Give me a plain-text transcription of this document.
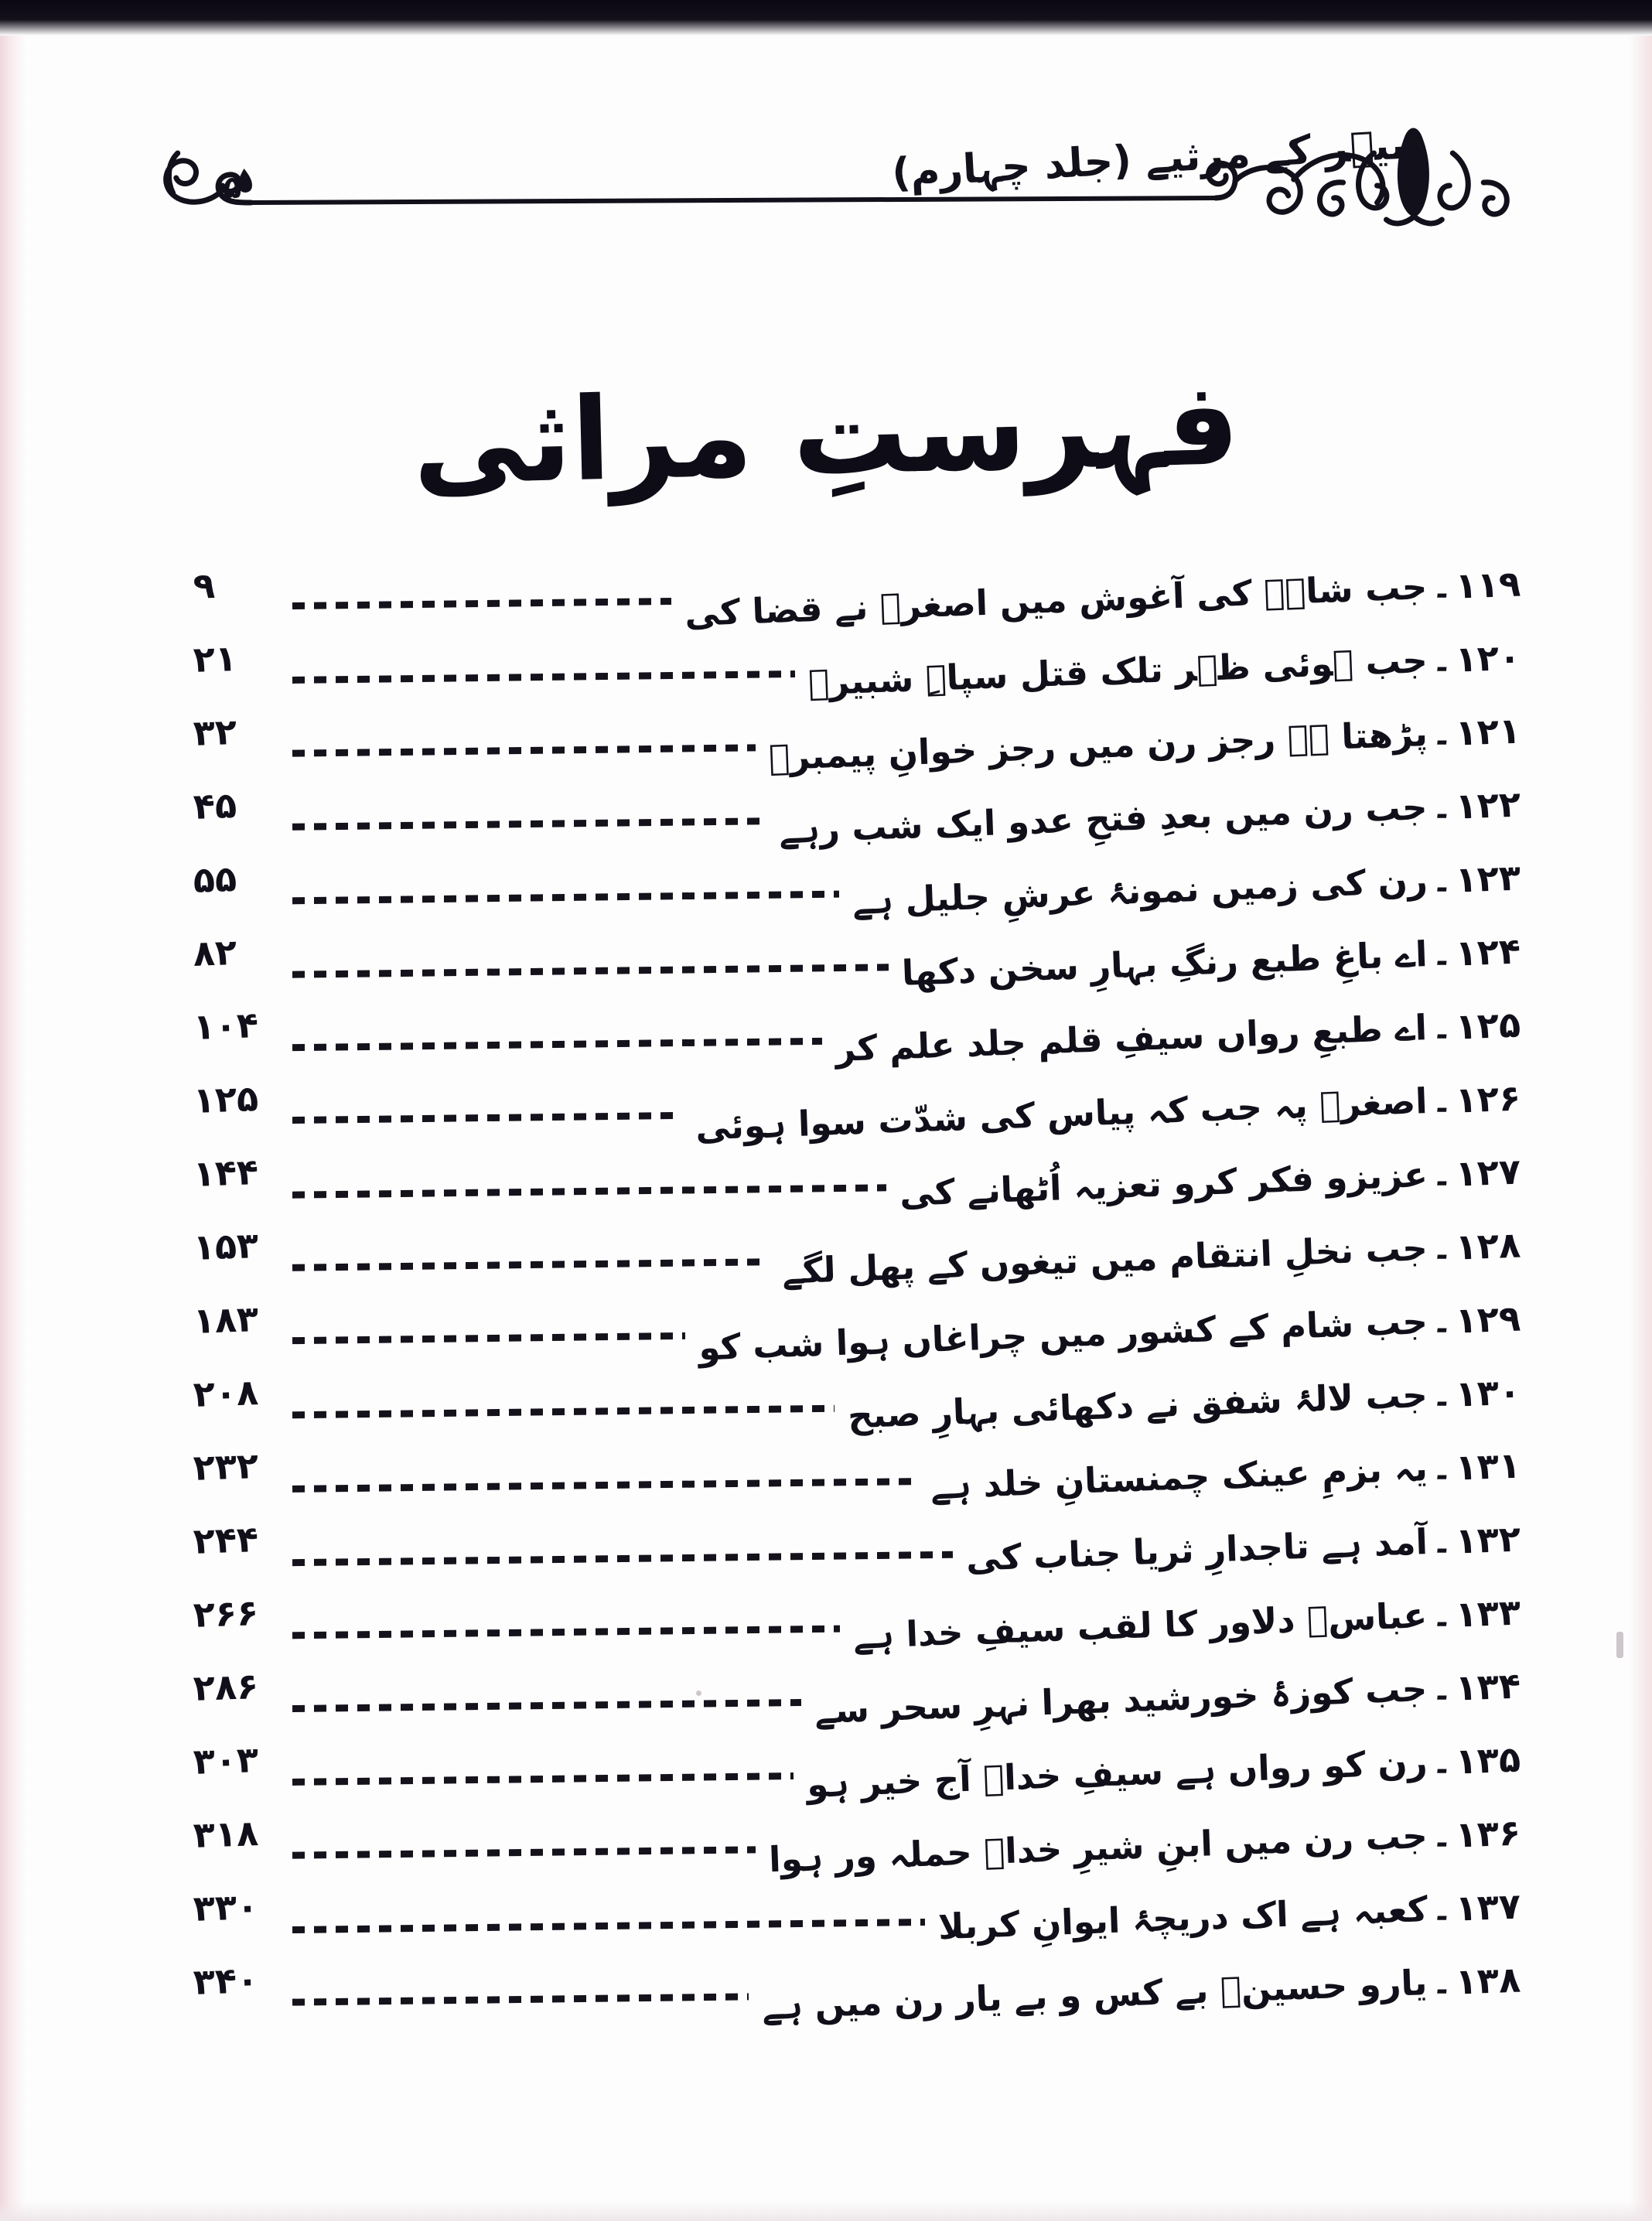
دبیؔر کے مرثیے (جلد چہارم)
۵
فہرستِ مراثی
۱۱۹
۔
جب شاہؑ کی آغوش میں اصغرؑ نے قضا کی
۹
۱۲۰
۔
جب ہوئی ظہر تلک قتل سپاہِ شبیرؑ
۲۱
۱۲۱
۔
پڑھتا ہے رجز رن میں رجز خوانِ پیمبرؐ
۳۲
۱۲۲
۔
جب رن میں بعدِ فتحِ عدو ایک شب رہے
۴۵
۱۲۳
۔
رن کی زمیں نمونۂ عرشِ جلیل ہے
۵۵
۱۲۴
۔
اے باغِ طبع رنگِ بہارِ سخن دکھا
۸۲
۱۲۵
۔
اے طبعِ رواں سیفِ قلم جلد علم کر
۱۰۴
۱۲۶
۔
اصغرؑ پہ جب کہ پیاس کی شدّت سوا ہوئی
۱۲۵
۱۲۷
۔
عزیزو فکر کرو تعزیہ اُٹھانے کی
۱۴۴
۱۲۸
۔
جب نخلِ انتقام میں تیغوں کے پھل لگے
۱۵۳
۱۲۹
۔
جب شام کے کشور میں چراغاں ہوا شب کو
۱۸۳
۱۳۰
۔
جب لالۂ شفق نے دکھائی بہارِ صبح
۲۰۸
۱۳۱
۔
یہ بزمِ عینک چمنستانِ خلد ہے
۲۳۲
۱۳۲
۔
آمد ہے تاجدارِ ثریا جناب کی
۲۴۴
۱۳۳
۔
عباسؑ دلاور کا لقب سیفِ خدا ہے
۲۶۶
۱۳۴
۔
جب کوزۂ خورشید بھرا نہرِ سحر سے
۲۸۶
۱۳۵
۔
رن کو رواں ہے سیفِ خداؑ آج خیر ہو
۳۰۳
۱۳۶
۔
جب رن میں ابنِ شیرِ خداؑ حملہ ور ہوا
۳۱۸
۱۳۷
۔
کعبہ ہے اک دریچۂ ایوانِ کربلا
۳۳۰
۱۳۸
۔
یارو حسینؑ بے کس و بے یار رن میں ہے
۳۴۰
